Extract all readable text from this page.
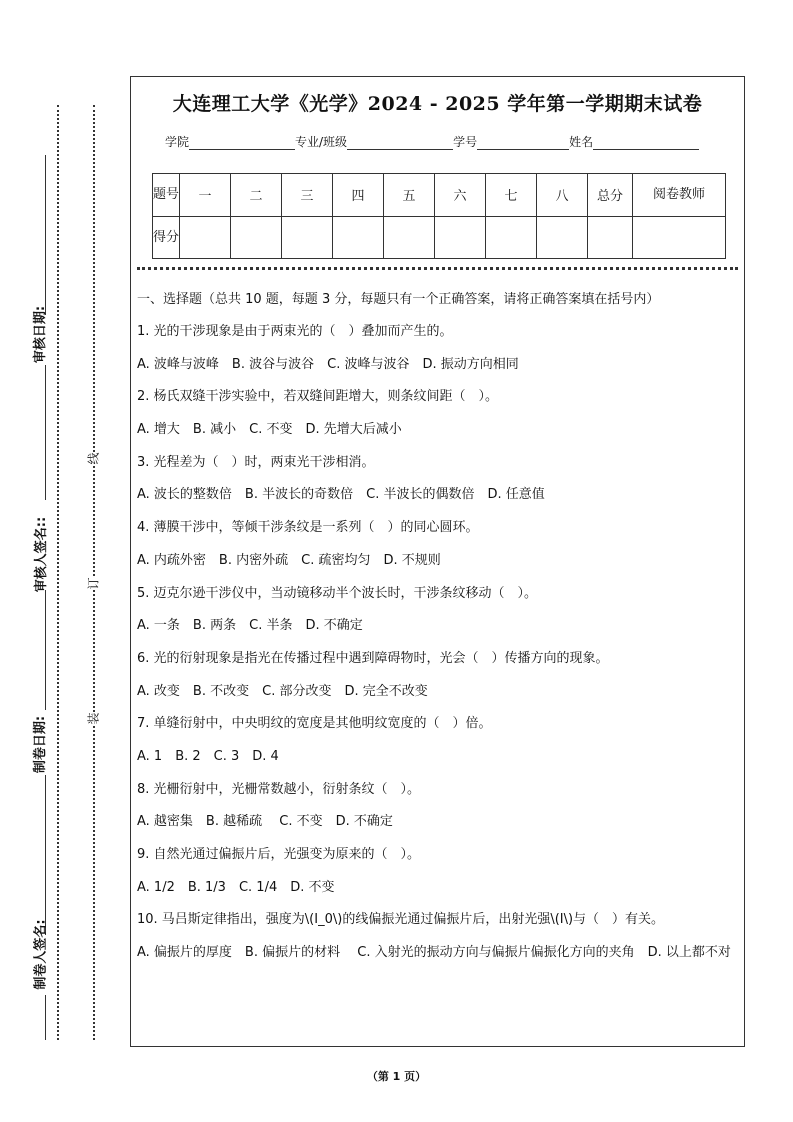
审核日期:
审核人签名::
制卷日期:
制卷人签名:
线
订
装
大连理工大学《光学》2024 - 2025 学年第一学期期末试卷
学院	专业/班级	学号	姓名
题号	一	二	三	四	五	六	七	八	总分	阅卷教师
得分										

一、选择题（总共 10 题，每题 3 分，每题只有一个正确答案，请将正确答案填在括号内）

1. 光的干涉现象是由于两束光的（　）叠加而产生的。

A. 波峰与波峰　B. 波谷与波谷　C. 波峰与波谷　D. 振动方向相同

2. 杨氏双缝干涉实验中，若双缝间距增大，则条纹间距（　）。

A. 增大　B. 减小　C. 不变　D. 先增大后减小

3. 光程差为（　）时，两束光干涉相消。

A. 波长的整数倍　B. 半波长的奇数倍　C. 半波长的偶数倍　D. 任意值

4. 薄膜干涉中，等倾干涉条纹是一系列（　）的同心圆环。

A. 内疏外密　B. 内密外疏　C. 疏密均匀　D. 不规则

5. 迈克尔逊干涉仪中，当动镜移动半个波长时，干涉条纹移动（　）。

A. 一条　B. 两条　C. 半条　D. 不确定

6. 光的衍射现象是指光在传播过程中遇到障碍物时，光会（　）传播方向的现象。

A. 改变　B. 不改变　C. 部分改变　D. 完全不改变

7. 单缝衍射中，中央明纹的宽度是其他明纹宽度的（　）倍。

A. 1　B. 2　C. 3　D. 4

8. 光栅衍射中，光栅常数越小，衍射条纹（　）。

A. 越密集　B. 越稀疏　 C. 不变　D. 不确定

9. 自然光通过偏振片后，光强变为原来的（　）。

A. 1/2　B. 1/3　C. 1/4　D. 不变

10. 马吕斯定律指出，强度为\(I_0\)的线偏振光通过偏振片后，出射光强\(I\)与（　）有关。

A. 偏振片的厚度　B. 偏振片的材料　 C. 入射光的振动方向与偏振片偏振化方向的夹角　D. 以上都不对

（第 1 页）
